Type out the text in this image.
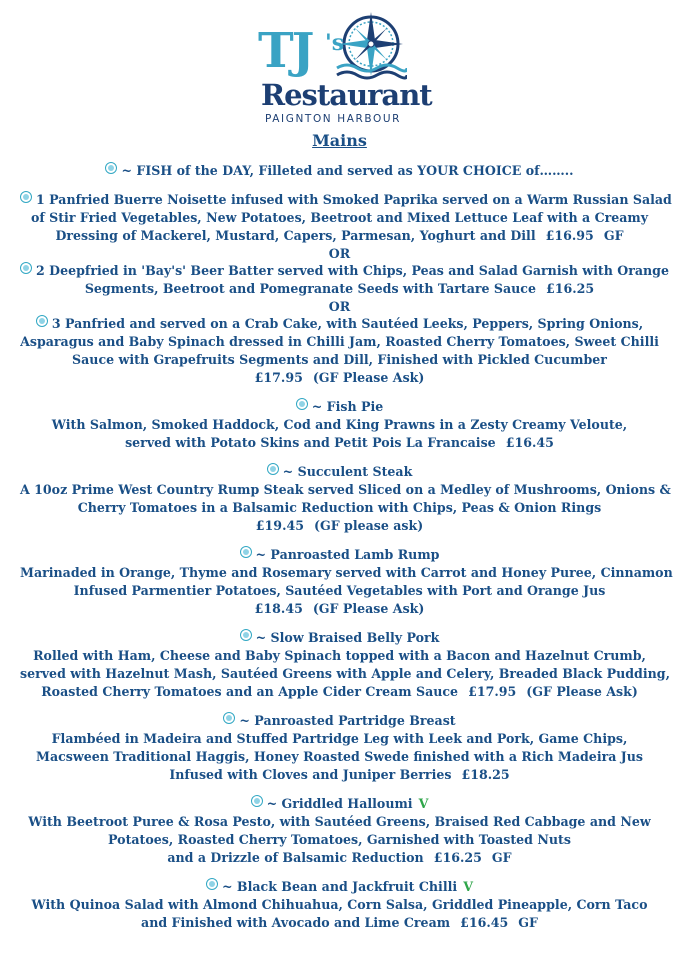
TJ 's
Restaurant
PAIGNTON HARBOUR
Mains
~ FISH of the DAY, Filleted and served as YOUR CHOICE of……..
1 Panfried Buerre Noisette infused with Smoked Paprika served on a Warm Russian Salad
of Stir Fried Vegetables, New Potatoes, Beetroot and Mixed Lettuce Leaf with a Creamy
Dressing of Mackerel, Mustard, Capers, Parmesan, Yoghurt and Dill £16.95 GF
OR
2 Deepfried in 'Bay's' Beer Batter served with Chips, Peas and Salad Garnish with Orange
Segments, Beetroot and Pomegranate Seeds with Tartare Sauce £16.25
OR
3 Panfried and served on a Crab Cake, with Sautéed Leeks, Peppers, Spring Onions,
Asparagus and Baby Spinach dressed in Chilli Jam, Roasted Cherry Tomatoes, Sweet Chilli
Sauce with Grapefruits Segments and Dill, Finished with Pickled Cucumber
£17.95 (GF Please Ask)
~ Fish Pie
With Salmon, Smoked Haddock, Cod and King Prawns in a Zesty Creamy Veloute,
served with Potato Skins and Petit Pois La Francaise £16.45
~ Succulent Steak
A 10oz Prime West Country Rump Steak served Sliced on a Medley of Mushrooms, Onions &
Cherry Tomatoes in a Balsamic Reduction with Chips, Peas & Onion Rings
£19.45 (GF please ask)
~ Panroasted Lamb Rump
Marinaded in Orange, Thyme and Rosemary served with Carrot and Honey Puree, Cinnamon
Infused Parmentier Potatoes, Sautéed Vegetables with Port and Orange Jus
£18.45 (GF Please Ask)
~ Slow Braised Belly Pork
Rolled with Ham, Cheese and Baby Spinach topped with a Bacon and Hazelnut Crumb,
served with Hazelnut Mash, Sautéed Greens with Apple and Celery, Breaded Black Pudding,
Roasted Cherry Tomatoes and an Apple Cider Cream Sauce £17.95 (GF Please Ask)
~ Panroasted Partridge Breast
Flambéed in Madeira and Stuffed Partridge Leg with Leek and Pork, Game Chips,
Macsween Traditional Haggis, Honey Roasted Swede finished with a Rich Madeira Jus
Infused with Cloves and Juniper Berries £18.25
~ Griddled Halloumi V
With Beetroot Puree & Rosa Pesto, with Sautéed Greens, Braised Red Cabbage and New
Potatoes, Roasted Cherry Tomatoes, Garnished with Toasted Nuts
and a Drizzle of Balsamic Reduction £16.25 GF
~ Black Bean and Jackfruit Chilli V
With Quinoa Salad with Almond Chihuahua, Corn Salsa, Griddled Pineapple, Corn Taco
and Finished with Avocado and Lime Cream £16.45 GF
